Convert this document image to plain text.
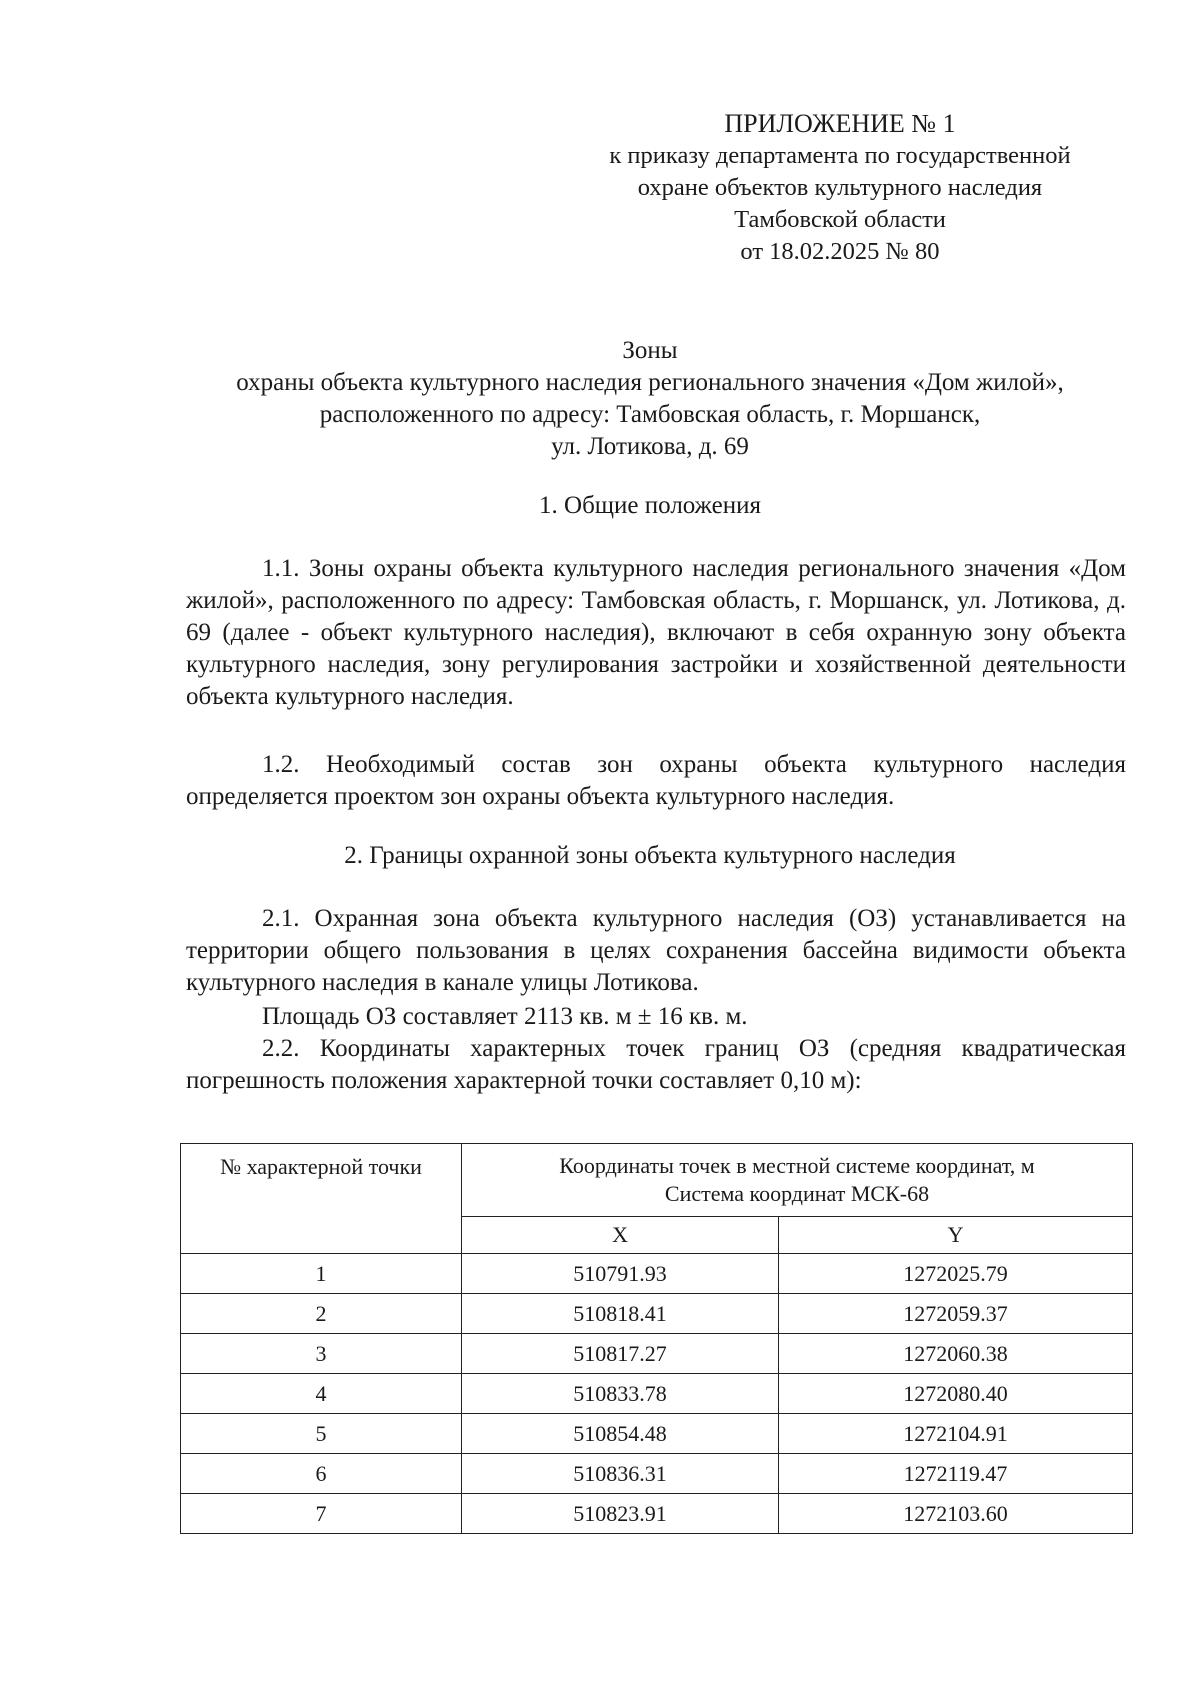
ПРИЛОЖЕНИЕ № 1
к приказу департамента по государственной
охране объектов культурного наследия
Тамбовской области
от 18.02.2025 № 80
Зоны
охраны объекта культурного наследия регионального значения «Дом жилой»,
расположенного по адресу: Тамбовская область, г. Моршанск,
ул. Лотикова, д. 69
1. Общие положения
1.1. Зоны охраны объекта культурного наследия регионального значения «Дом жилой», расположенного по адресу: Тамбовская область, г. Моршанск, ул. Лотикова, д. 69 (далее - объект культурного наследия), включают в себя охранную зону объекта культурного наследия, зону регулирования застройки и хозяйственной деятельности объекта культурного наследия.
1.2. Необходимый состав зон охраны объекта культурного наследия определяется проектом зон охраны объекта культурного наследия.
2. Границы охранной зоны объекта культурного наследия
2.1. Охранная зона объекта культурного наследия (ОЗ) устанавливается на территории общего пользования в целях сохранения бассейна видимости объекта культурного наследия в канале улицы Лотикова.
Площадь ОЗ составляет 2113 кв. м ± 16 кв. м.
2.2. Координаты характерных точек границ ОЗ (средняя квадратическая погрешность положения характерной точки составляет 0,10 м):
№ характерной точки	Координаты точек в местной системе координат, м
Система координат МСК-68	

	X	Y
1	510791.93	1272025.79
2	510818.41	1272059.37
3	510817.27	1272060.38
4	510833.78	1272080.40
5	510854.48	1272104.91
6	510836.31	1272119.47
7	510823.91	1272103.60
